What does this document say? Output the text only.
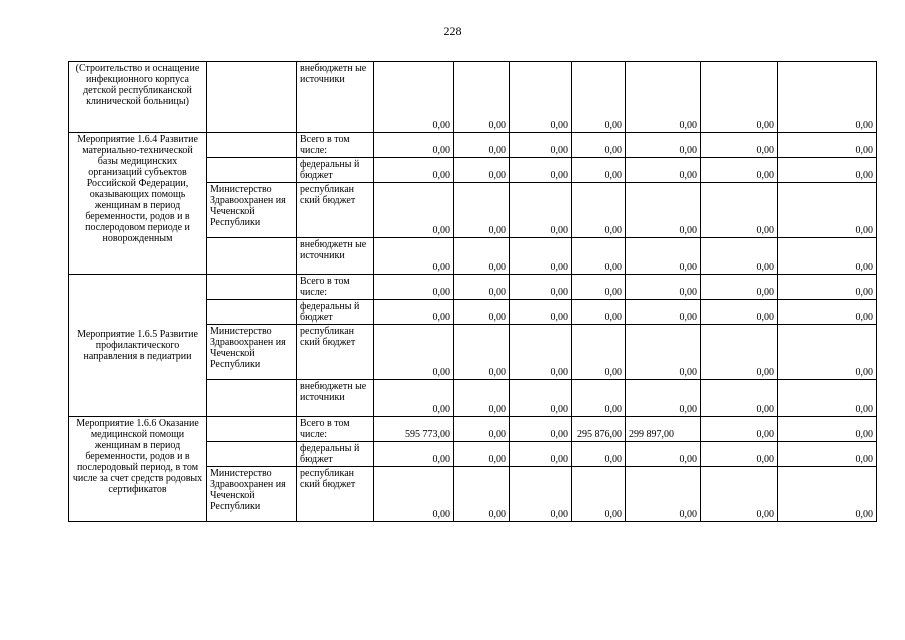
228
(Строительство и оснащение инфекционного корпуса детской республиканской клинической больницы)		внебюджетн ые источники	0,00	0,00	0,00	0,00	0,00	0,00	0,00
Мероприятие 1.6.4 Развитие материально-технической базы медицинских организаций субъектов Российской Федерации, оказывающих помощь женщинам в период беременности, родов и в послеродовом периоде и новорожденным		Всего в том числе:	0,00	0,00	0,00	0,00	0,00	0,00	0,00
		федеральны й бюджет	0,00	0,00	0,00	0,00	0,00	0,00	0,00
	Министерство Здравоохранен ия Чеченской Республики	республикан ский бюджет	0,00	0,00	0,00	0,00	0,00	0,00	0,00
		внебюджетн ые источники	0,00	0,00	0,00	0,00	0,00	0,00	0,00
Мероприятие 1.6.5 Развитие профилактического направления в педиатрии		Всего в том числе:	0,00	0,00	0,00	0,00	0,00	0,00	0,00
		федеральны й бюджет	0,00	0,00	0,00	0,00	0,00	0,00	0,00
	Министерство Здравоохранен ия Чеченской Республики	республикан ский бюджет	0,00	0,00	0,00	0,00	0,00	0,00	0,00
		внебюджетн ые источники	0,00	0,00	0,00	0,00	0,00	0,00	0,00
Мероприятие 1.6.6 Оказание медицинской помощи женщинам в период беременности, родов и в послеродовый период, в том числе за счет средств родовых сертификатов		Всего в том числе:	595 773,00	0,00	0,00	295 876,00	299 897,00	0,00	0,00
		федеральны й бюджет	0,00	0,00	0,00	0,00	0,00	0,00	0,00
	Министерство Здравоохранен ия Чеченской Республики	республикан ский бюджет	0,00	0,00	0,00	0,00	0,00	0,00	0,00
